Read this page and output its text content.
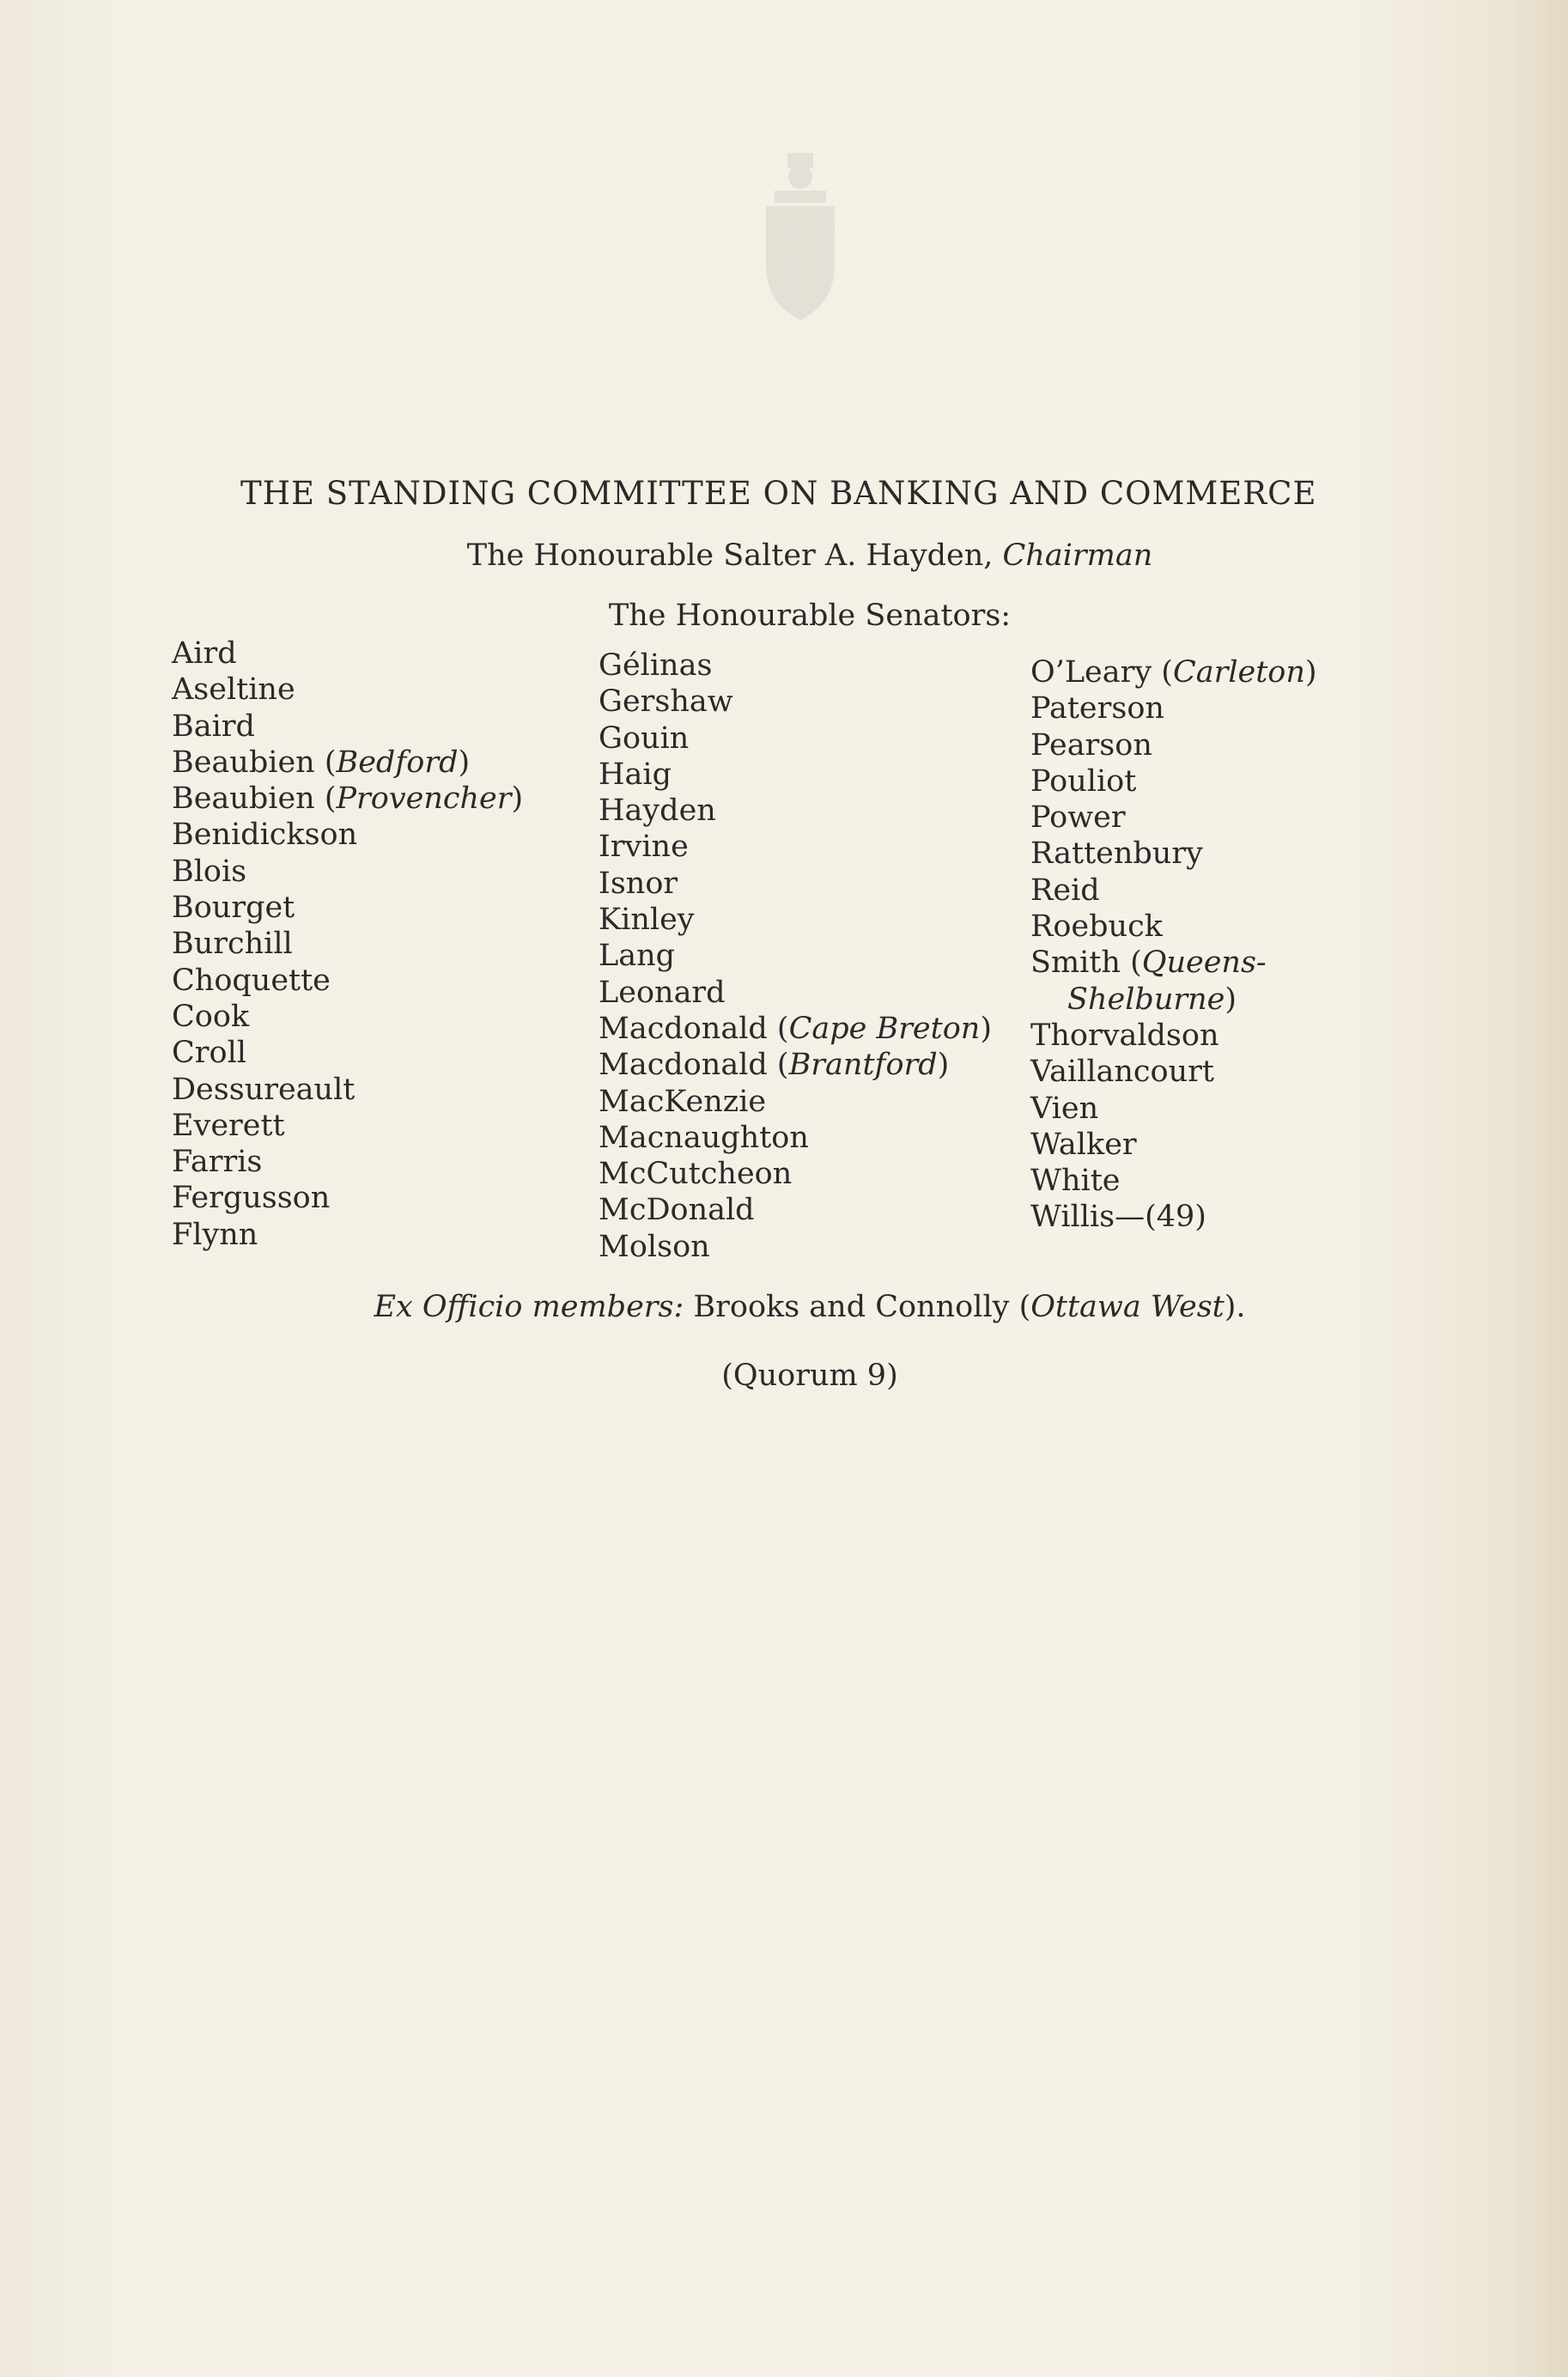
THE STANDING COMMITTEE ON BANKING AND COMMERCE
The Honourable Salter A. Hayden, Chairman
The Honourable Senators:
Aird
Aseltine
Baird
Beaubien (Bedford)
Beaubien (Provencher)
Benidickson
Blois
Bourget
Burchill
Choquette
Cook
Croll
Dessureault
Everett
Farris
Fergusson
Flynn
Gélinas
Gershaw
Gouin
Haig
Hayden
Irvine
Isnor
Kinley
Lang
Leonard
Macdonald (Cape Breton)
Macdonald (Brantford)
MacKenzie
Macnaughton
McCutcheon
McDonald
Molson
O’Leary (Carleton)
Paterson
Pearson
Pouliot
Power
Rattenbury
Reid
Roebuck
Smith (Queens-
Shelburne)
Thorvaldson
Vaillancourt
Vien
Walker
White
Willis—(49)
Ex Officio members: Brooks and Connolly (Ottawa West).
(Quorum 9)
